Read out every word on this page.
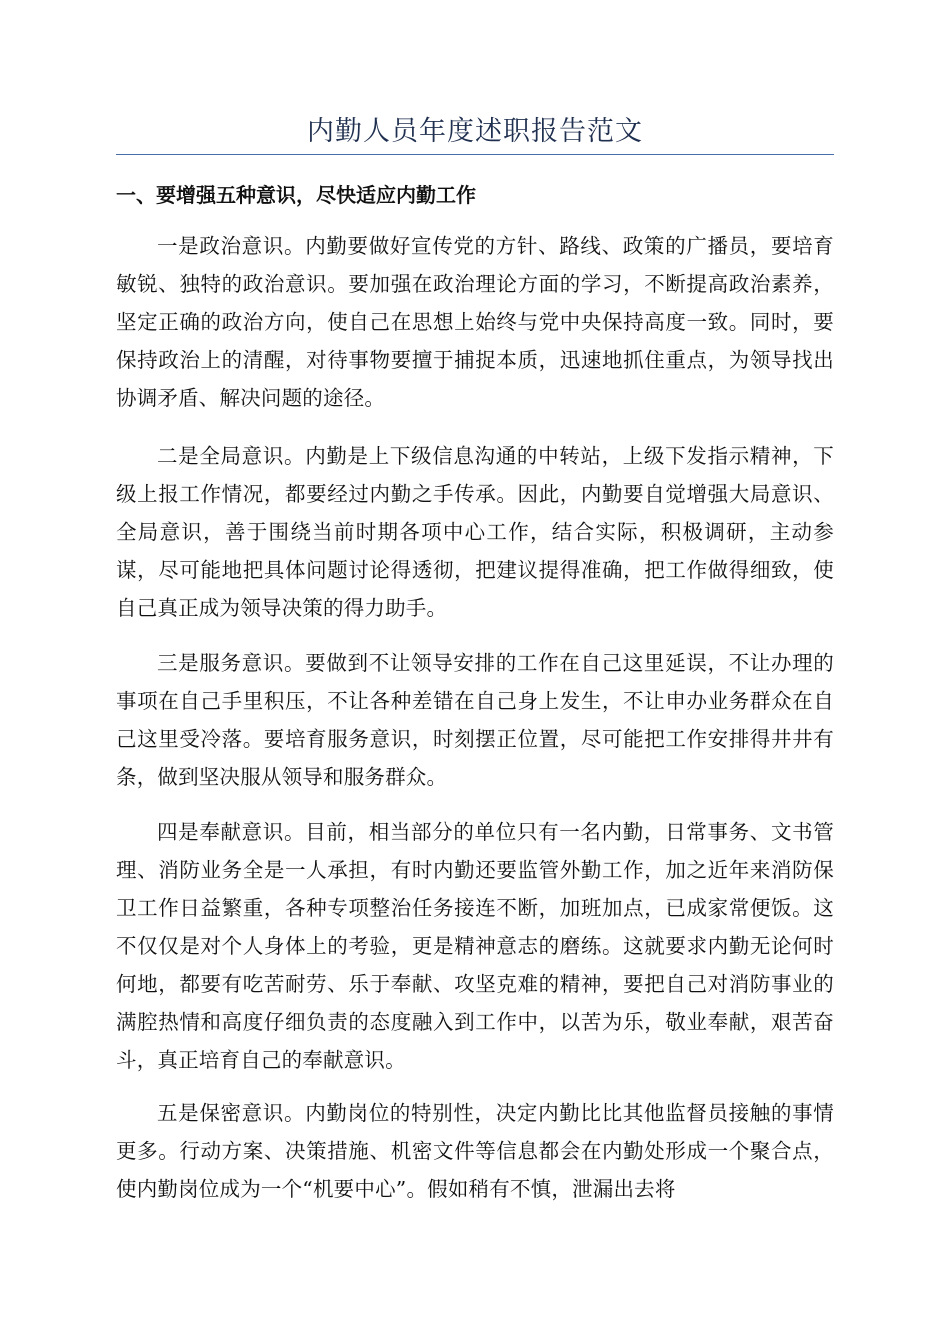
内勤人员年度述职报告范文
一、要增强五种意识，尽快适应内勤工作

一是政治意识。内勤要做好宣传党的方针、路线、政策的广播员，要培育敏锐、独特的政治意识。要加强在政治理论方面的学习，不断提高政治素养，坚定正确的政治方向，使自己在思想上始终与党中央保持高度一致。同时，要保持政治上的清醒，对待事物要擅于捕捉本质，迅速地抓住重点，为领导找出协调矛盾、解决问题的途径。

二是全局意识。内勤是上下级信息沟通的中转站，上级下发指示精神，下级上报工作情况，都要经过内勤之手传承。因此，内勤要自觉增强大局意识、全局意识，善于围绕当前时期各项中心工作，结合实际，积极调研，主动参谋，尽可能地把具体问题讨论得透彻，把建议提得准确，把工作做得细致，使自己真正成为领导决策的得力助手。

三是服务意识。要做到不让领导安排的工作在自己这里延误，不让办理的事项在自己手里积压，不让各种差错在自己身上发生，不让申办业务群众在自己这里受冷落。要培育服务意识，时刻摆正位置，尽可能把工作安排得井井有条，做到坚决服从领导和服务群众。

四是奉献意识。目前，相当部分的单位只有一名内勤，日常事务、文书管理、消防业务全是一人承担，有时内勤还要监管外勤工作，加之近年来消防保卫工作日益繁重，各种专项整治任务接连不断，加班加点，已成家常便饭。这不仅仅是对个人身体上的考验，更是精神意志的磨练。这就要求内勤无论何时何地，都要有吃苦耐劳、乐于奉献、攻坚克难的精神，要把自己对消防事业的满腔热情和高度仔细负责的态度融入到工作中，以苦为乐，敬业奉献，艰苦奋斗，真正培育自己的奉献意识。

五是保密意识。内勤岗位的特别性，决定内勤比比其他监督员接触的事情更多。行动方案、决策措施、机密文件等信息都会在内勤处形成一个聚合点，使内勤岗位成为一个“机要中心”。假如稍有不慎，泄漏出去将
